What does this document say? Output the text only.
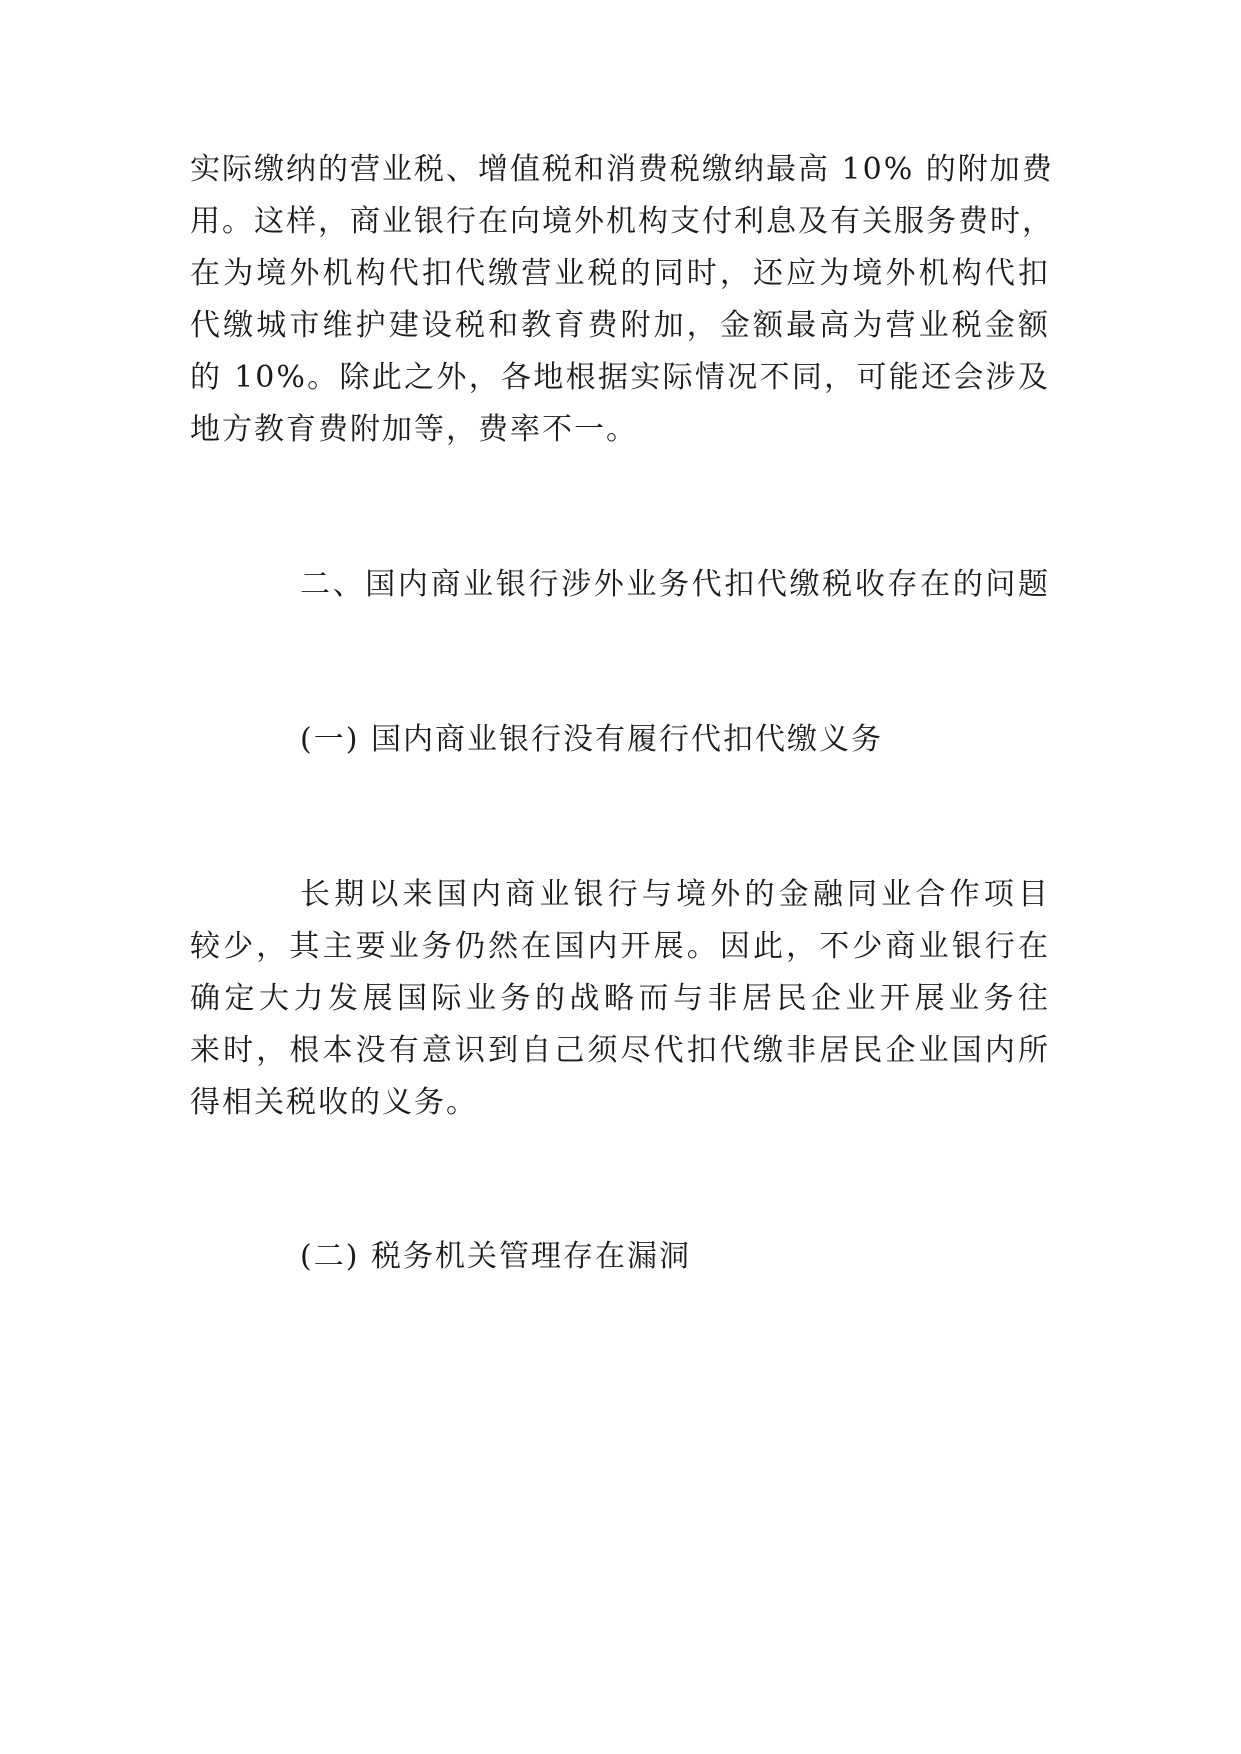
实际缴纳的营业税、增值税和消费税缴纳最高 10% 的附加费
用。这样，商业银行在向境外机构支付利息及有关服务费时，
在为境外机构代扣代缴营业税的同时，还应为境外机构代扣
代缴城市维护建设税和教育费附加，金额最高为营业税金额
的 10%。除此之外，各地根据实际情况不同，可能还会涉及
地方教育费附加等，费率不一。
二、国内商业银行涉外业务代扣代缴税收存在的问题
(一) 国内商业银行没有履行代扣代缴义务
长期以来国内商业银行与境外的金融同业合作项目
较少，其主要业务仍然在国内开展。因此，不少商业银行在
确定大力发展国际业务的战略而与非居民企业开展业务往
来时，根本没有意识到自己须尽代扣代缴非居民企业国内所
得相关税收的义务。
(二) 税务机关管理存在漏洞
